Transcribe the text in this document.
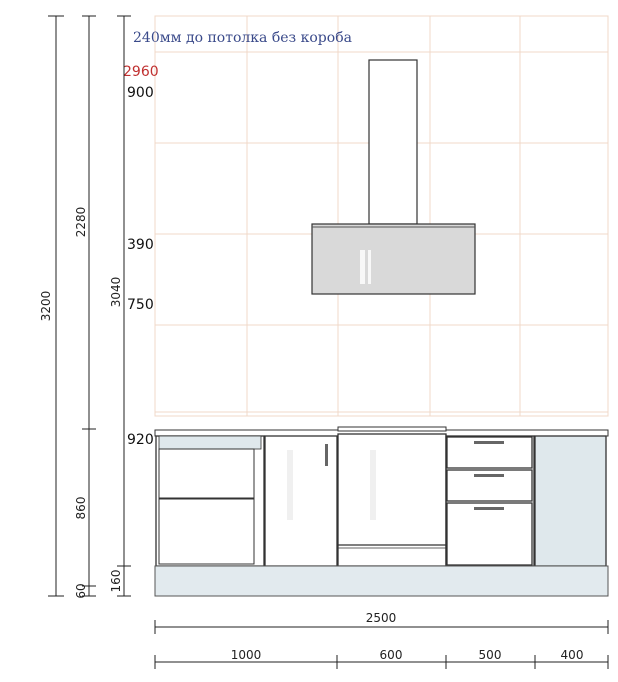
240мм до потолка без короба
2960
900
390
750
920
3200
2280
3040
860
60 160
2500
1000	600	500	400
